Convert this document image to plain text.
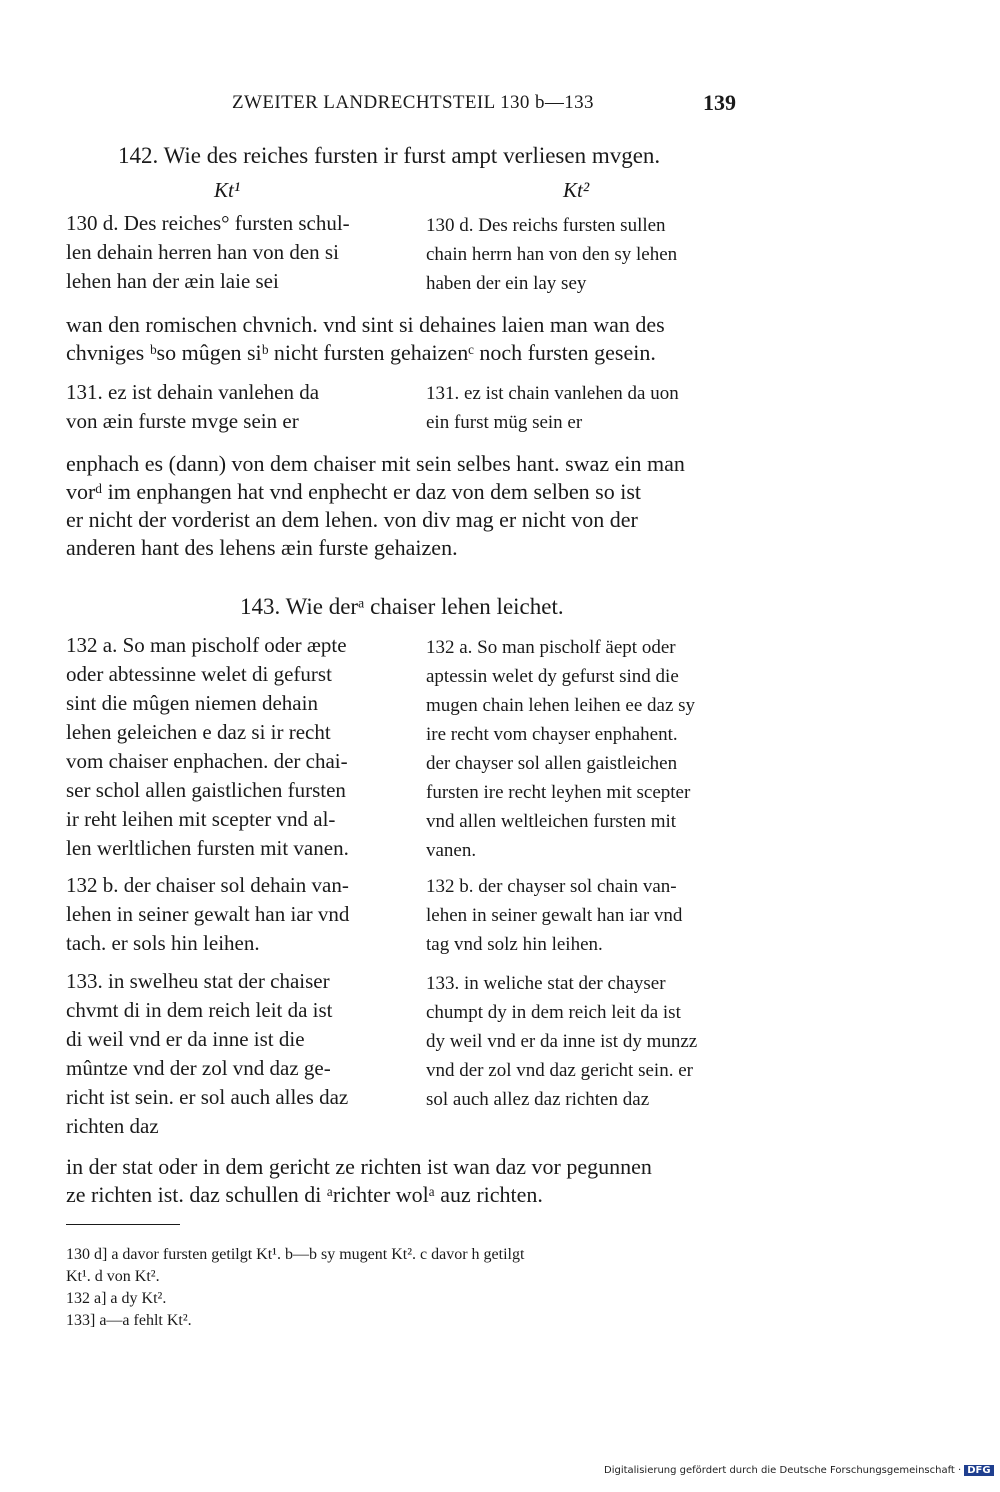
ZWEITER LANDRECHTSTEIL 130 b—133	139
142. Wie des reiches fursten ir furst ampt verliesen mvgen.
Kt¹	Kt²
130 d. Des reiches° fursten schul-
len dehain herren han von den si
lehen han der æin laie sei
130 d. Des reichs fursten sullen
chain herrn han von den sy lehen
haben der ein lay sey
wan den romischen chvnich. vnd sint si dehaines laien man wan des
chvniges ᵇso mûgen siᵇ nicht fursten gehaizenᶜ noch fursten gesein.
131. ez ist dehain vanlehen da
von æin furste mvge sein er
131. ez ist chain vanlehen da uon
ein furst müg sein er
enphach es (dann) von dem chaiser mit sein selbes hant. swaz ein man
vorᵈ im enphangen hat vnd enphecht er daz von dem selben so ist
er nicht der vorderist an dem lehen. von div mag er nicht von der
anderen hant des lehens æin furste gehaizen.
143. Wie derᵃ chaiser lehen leichet.
132 a. So man pischolf oder æpte
oder abtessinne welet di gefurst
sint die mûgen niemen dehain
lehen geleichen e daz si ir recht
vom chaiser enphachen. der chai-
ser schol allen gaistlichen fursten
ir reht leihen mit scepter vnd al-
len werltlichen fursten mit vanen.
132 a. So man pischolf äept oder
aptessin welet dy gefurst sind die
mugen chain lehen leihen ee daz sy
ire recht vom chayser enphahent.
der chayser sol allen gaistleichen
fursten ire recht leyhen mit scepter
vnd allen weltleichen fursten mit
vanen.
132 b. der chaiser sol dehain van-
lehen in seiner gewalt han iar vnd
tach. er sols hin leihen.
132 b. der chayser sol chain van-
lehen in seiner gewalt han iar vnd
tag vnd solz hin leihen.
133. in swelheu stat der chaiser
chvmt di in dem reich leit da ist
di weil vnd er da inne ist die
mûntze vnd der zol vnd daz ge-
richt ist sein. er sol auch alles daz
richten daz
133. in weliche stat der chayser
chumpt dy in dem reich leit da ist
dy weil vnd er da inne ist dy munzz
vnd der zol vnd daz gericht sein. er
sol auch allez daz richten daz
in der stat oder in dem gericht ze richten ist wan daz vor pegunnen
ze richten ist. daz schullen di ᵃrichter wolᵃ auz richten.
130 d] a davor fursten getilgt Kt¹. b—b sy mugent Kt². c davor h getilgt
Kt¹. d von Kt².
132 a] a dy Kt².
133] a—a fehlt Kt².
Digitalisierung gefördert durch die Deutsche Forschungsgemeinschaft · DFG
